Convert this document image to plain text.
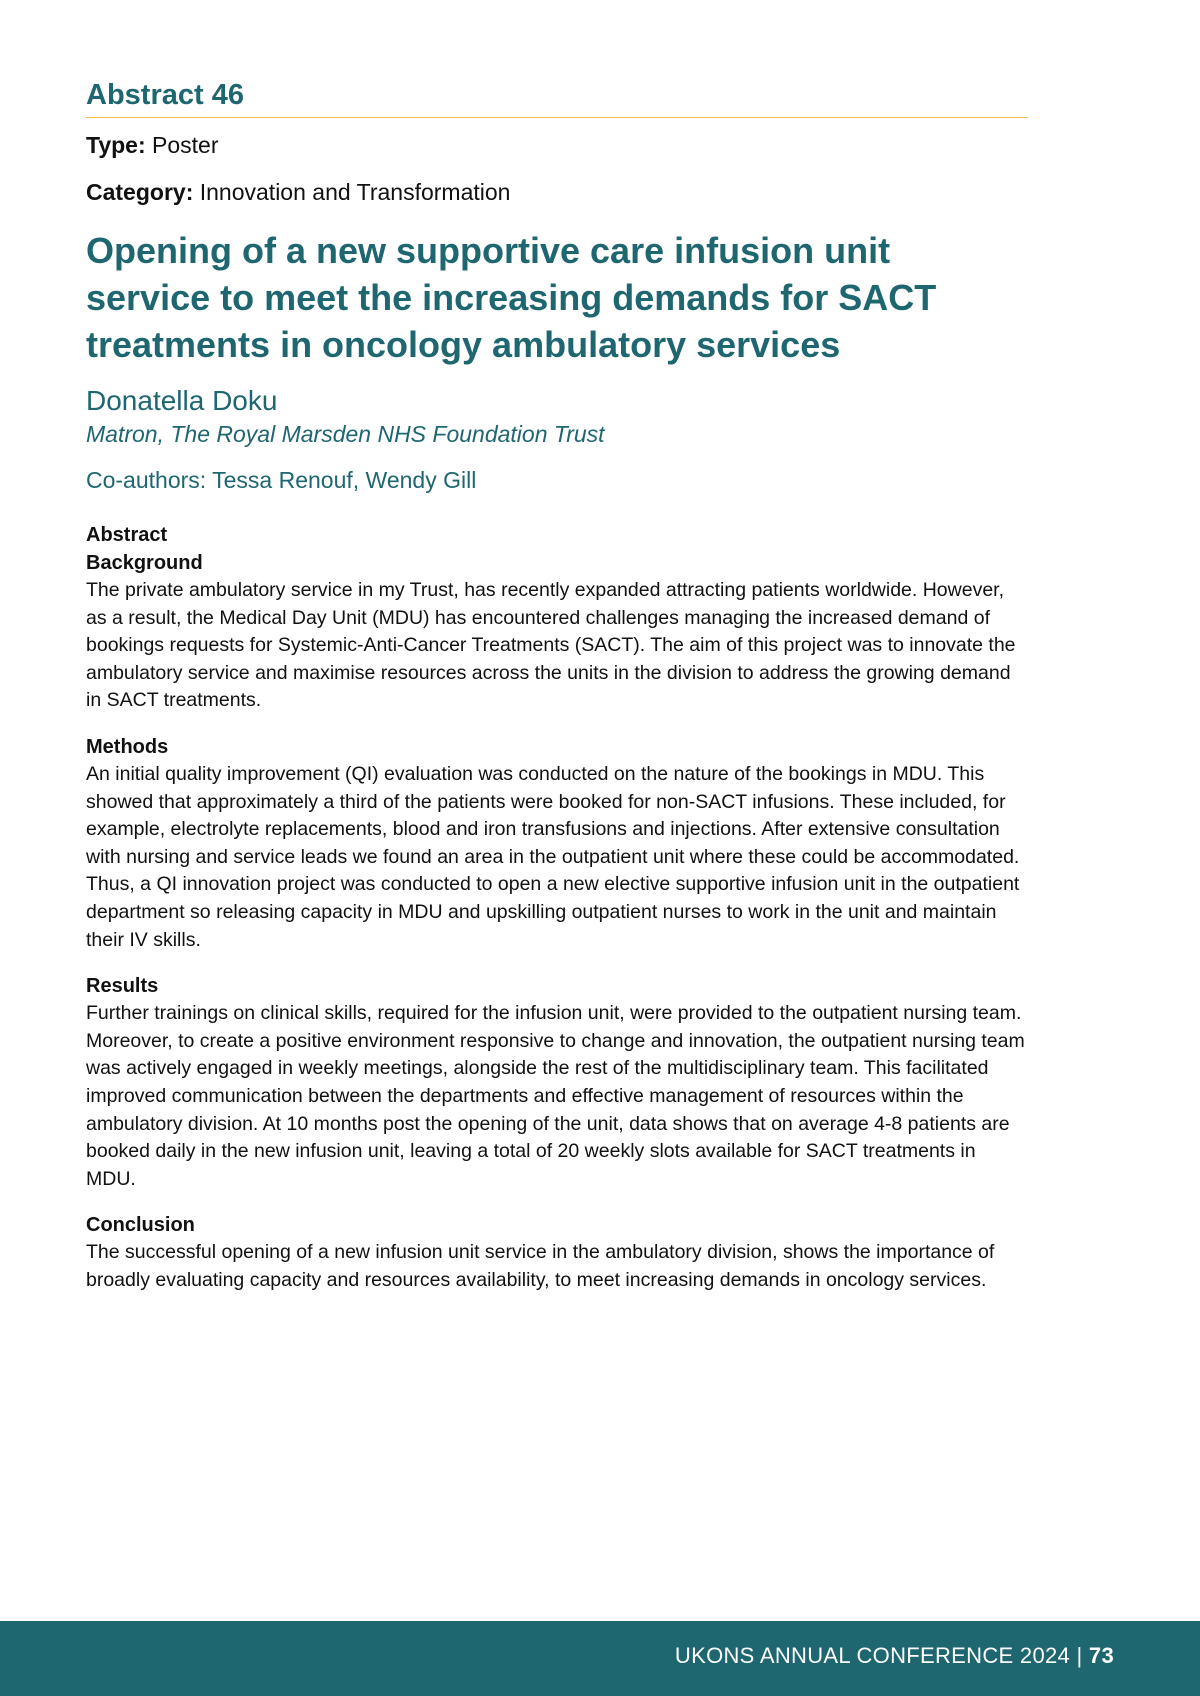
Abstract 46

Type: Poster

Category: Innovation and Transformation

Opening of a new supportive care infusion unit service to meet the increasing demands for SACT treatments in oncology ambulatory services

Donatella Doku

Matron, The Royal Marsden NHS Foundation Trust

Co-authors: Tessa Renouf, Wendy Gill

Abstract

Background

The private ambulatory service in my Trust, has recently expanded attracting patients worldwide. However, as a result, the Medical Day Unit (MDU) has encountered challenges managing the increased demand of bookings requests for Systemic-Anti-Cancer Treatments (SACT). The aim of this project was to innovate the ambulatory service and maximise resources across the units in the division to address the growing demand in SACT treatments.

Methods

An initial quality improvement (QI) evaluation was conducted on the nature of the bookings in MDU. This showed that approximately a third of the patients were booked for non-SACT infusions. These included, for example, electrolyte replacements, blood and iron transfusions and injections. After extensive consultation with nursing and service leads we found an area in the outpatient unit where these could be accommodated. Thus, a QI innovation project was conducted to open a new elective supportive infusion unit in the outpatient department so releasing capacity in MDU and upskilling outpatient nurses to work in the unit and maintain their IV skills.

Results

Further trainings on clinical skills, required for the infusion unit, were provided to the outpatient nursing team. Moreover, to create a positive environment responsive to change and innovation, the outpatient nursing team was actively engaged in weekly meetings, alongside the rest of the multidisciplinary team. This facilitated improved communication between the departments and effective management of resources within the ambulatory division. At 10 months post the opening of the unit, data shows that on average 4-8 patients are booked daily in the new infusion unit, leaving a total of 20 weekly slots available for SACT treatments in MDU.

Conclusion

The successful opening of a new infusion unit service in the ambulatory division, shows the importance of broadly evaluating capacity and resources availability, to meet increasing demands in oncology services.

UKONS ANNUAL CONFERENCE 2024 | 73
